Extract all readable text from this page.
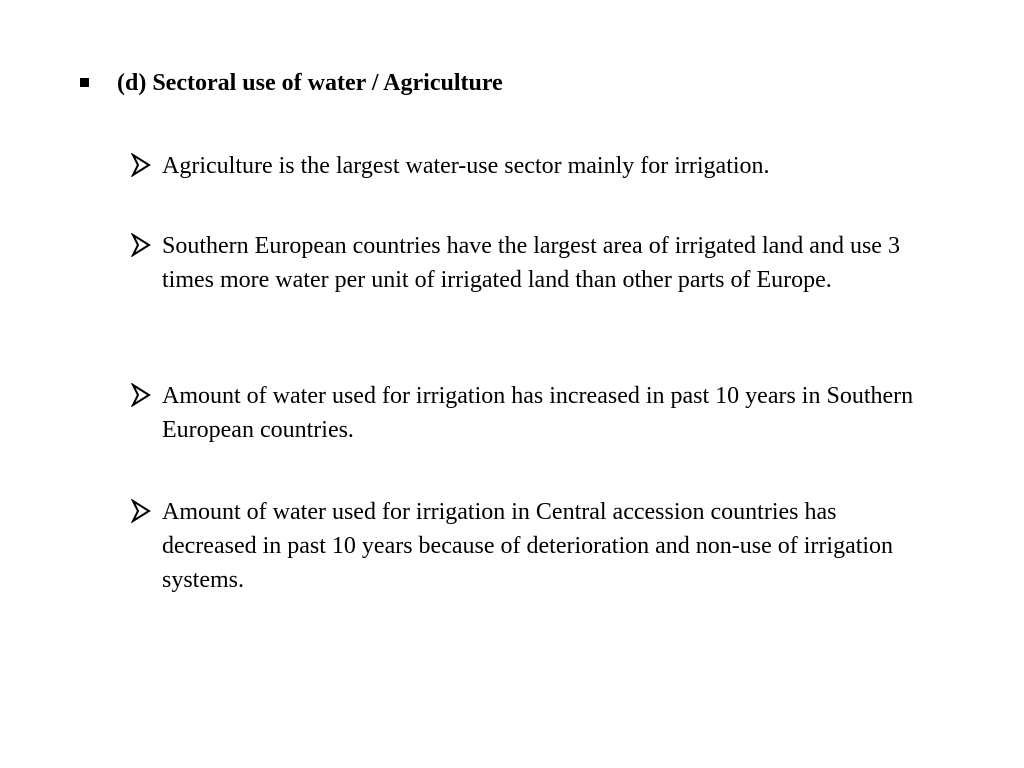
(d) Sectoral use of water / Agriculture
Agriculture is the largest water-use sector mainly for irrigation.
Southern European countries have the largest area of irrigated land and use 3 times more water per unit of irrigated land than other parts of Europe.
Amount of water used for irrigation has increased in past 10 years in Southern European countries.
Amount of water used for irrigation in Central accession countries has decreased in past 10 years because of deterioration and non-use of irrigation systems.
